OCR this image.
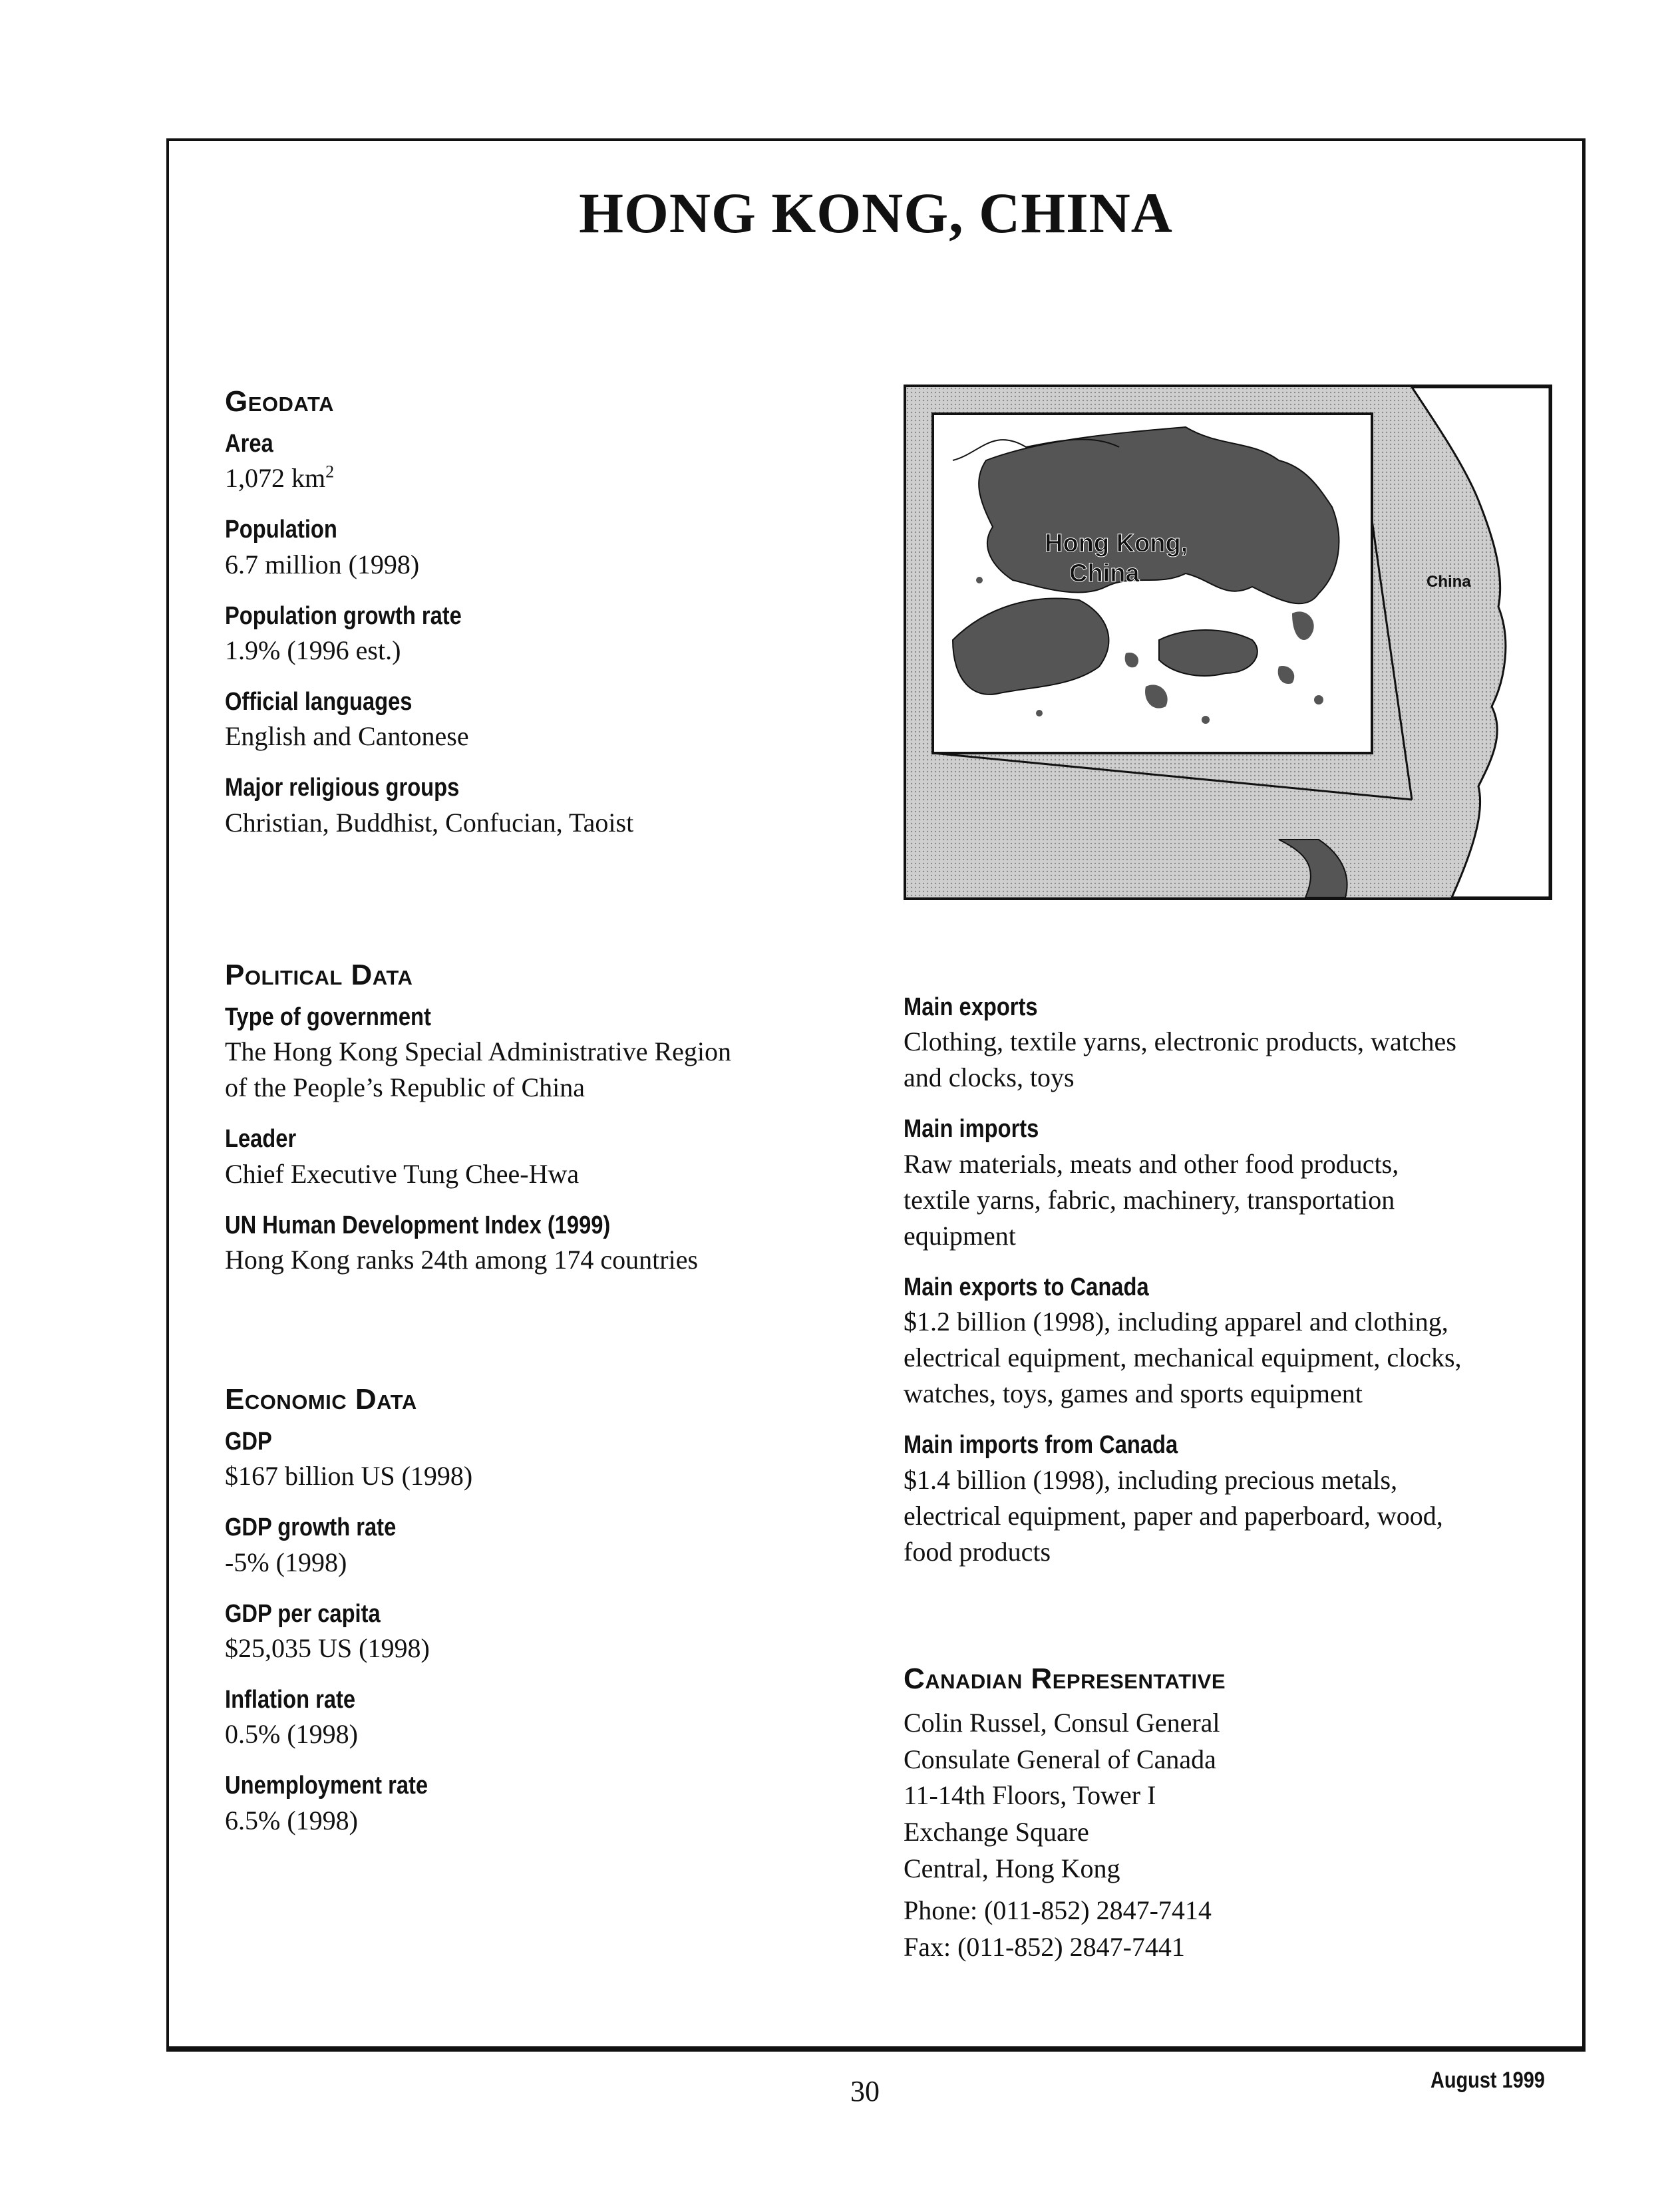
HONG KONG, CHINA
Geodata
Area
1,072 $km^2$
Population
6.7 million (1998)
Population growth rate
1.9% (1996 est.)
Official languages
English and Cantonese
Major religious groups
Christian, Buddhist, Confucian, Taoist
Hong Kong,
China	China
Political Data
Type of government
The Hong Kong Special Administrative Region
of the People’s Republic of China
Leader
Chief Executive Tung Chee-Hwa
UN Human Development Index (1999)
Hong Kong ranks 24th among 174 countries
Economic Data
GDP
$167 billion US (1998)
GDP growth rate
-5% (1998)
GDP per capita
$25,035 US (1998)
Inflation rate
0.5% (1998)
Unemployment rate
6.5% (1998)
Main exports
Clothing, textile yarns, electronic products, watches
and clocks, toys
Main imports
Raw materials, meats and other food products,
textile yarns, fabric, machinery, transportation
equipment
Main exports to Canada
$1.2 billion (1998), including apparel and clothing,
electrical equipment, mechanical equipment, clocks,
watches, toys, games and sports equipment
Main imports from Canada
$1.4 billion (1998), including precious metals,
electrical equipment, paper and paperboard, wood,
food products
Canadian Representative
Colin Russel, Consul General
Consulate General of Canada
11-14th Floors, Tower I
Exchange Square
Central, Hong Kong
Phone: (011-852) 2847-7414
Fax: (011-852) 2847-7441
30	August 1999
